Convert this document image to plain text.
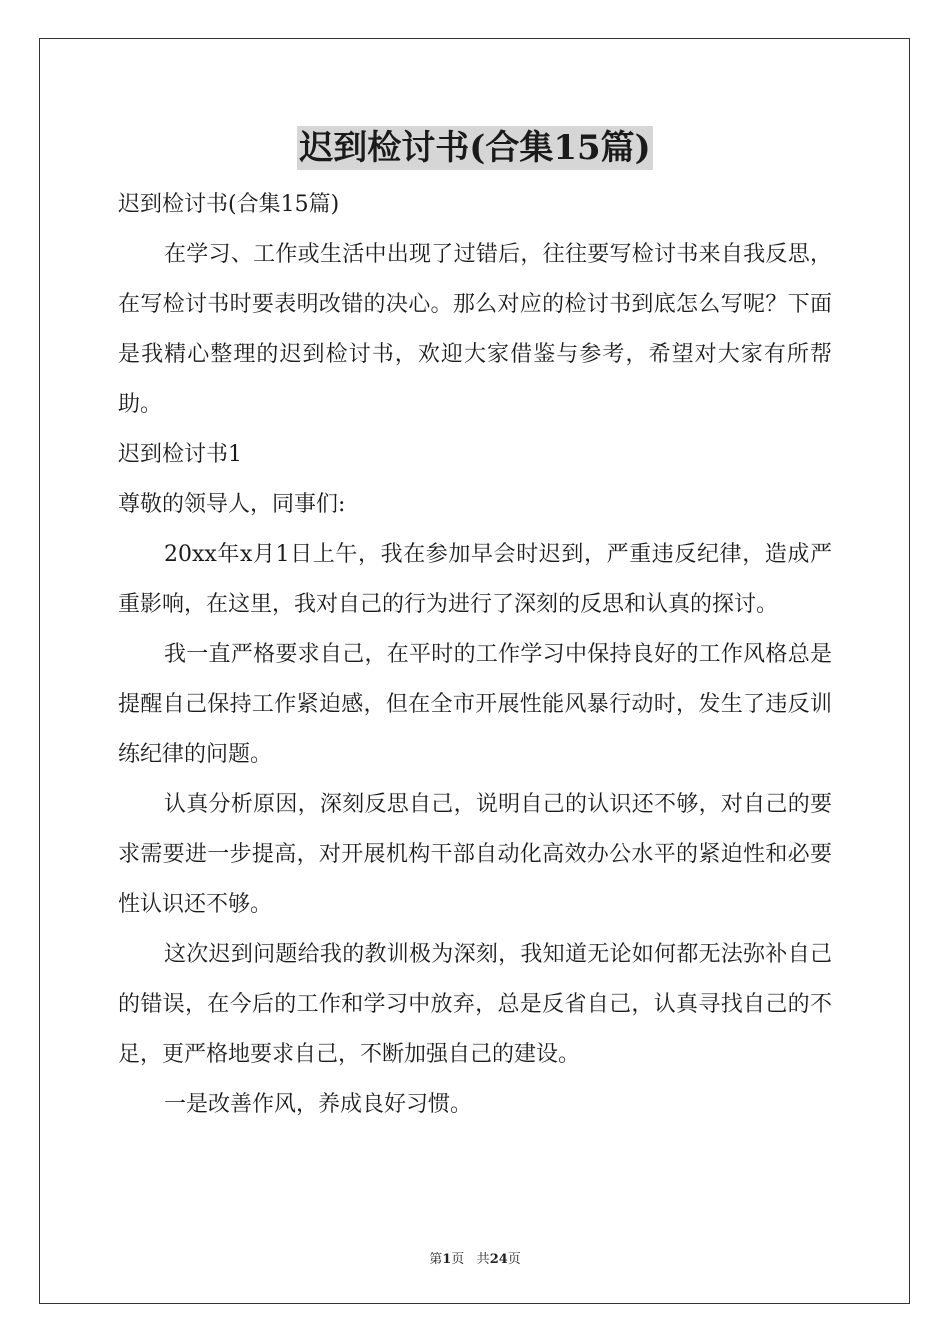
迟到检讨书(合集15篇)

迟到检讨书(合集15篇)

在学习、工作或生活中出现了过错后，往往要写检讨书来自我反思，在写检讨书时要表明改错的决心。那么对应的检讨书到底怎么写呢？下面是我精心整理的迟到检讨书，欢迎大家借鉴与参考，希望对大家有所帮助。

迟到检讨书1

尊敬的领导人，同事们:

20xx年x月1日上午，我在参加早会时迟到，严重违反纪律，造成严重影响，在这里，我对自己的行为进行了深刻的反思和认真的探讨。

我一直严格要求自己，在平时的工作学习中保持良好的工作风格总是提醒自己保持工作紧迫感，但在全市开展性能风暴行动时，发生了违反训练纪律的问题。

认真分析原因，深刻反思自己，说明自己的认识还不够，对自己的要求需要进一步提高，对开展机构干部自动化高效办公水平的紧迫性和必要性认识还不够。

这次迟到问题给我的教训极为深刻，我知道无论如何都无法弥补自己的错误，在今后的工作和学习中放弃，总是反省自己，认真寻找自己的不足，更严格地要求自己，不断加强自己的建设。

一是改善作风，养成良好习惯。

第1页 共24页
